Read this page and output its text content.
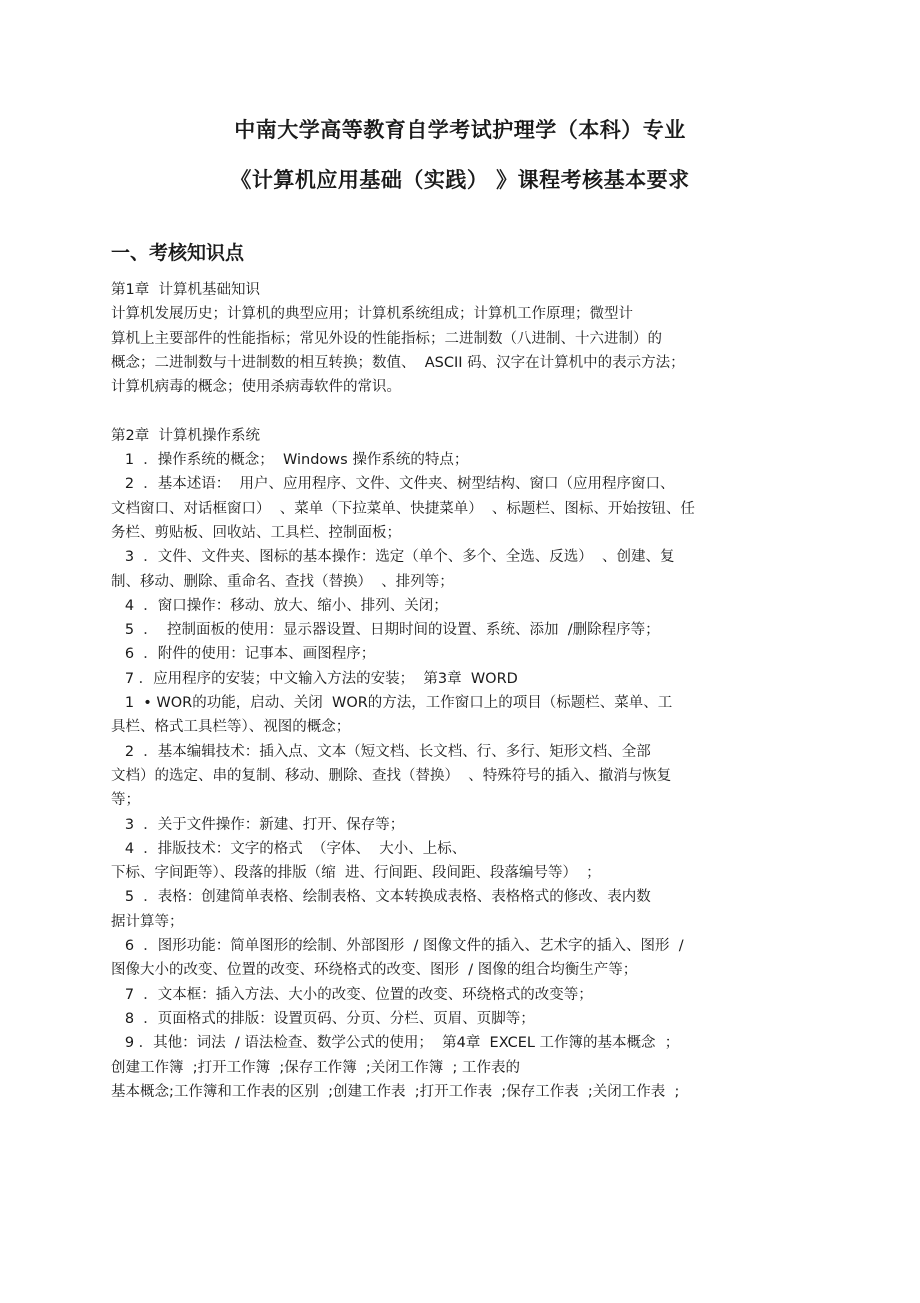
中南大学高等教育自学考试护理学（本科）专业
《计算机应用基础（实践） 》课程考核基本要求
一、考核知识点
第1章  计算机基础知识
计算机发展历史；计算机的典型应用；计算机系统组成；计算机工作原理；微型计
算机上主要部件的性能指标；常见外设的性能指标；二进制数（八进制、十六进制）的
概念；二进制数与十进制数的相互转换；数值、  ASCII 码、汉字在计算机中的表示方法；
计算机病毒的概念；使用杀病毒软件的常识。
第2章  计算机操作系统
1  ．操作系统的概念；  Windows 操作系统的特点；
2  ．基本述语：  用户、应用程序、文件、文件夹、树型结构、窗口（应用程序窗口、
文档窗口、对话框窗口）  、菜单（下拉菜单、快捷菜单）  、标题栏、图标、开始按钮、任
务栏、剪贴板、回收站、工具栏、控制面板；
3  ．文件、文件夹、图标的基本操作：选定（单个、多个、全选、反选）  、创建、复
制、移动、删除、重命名、查找（替换）  、排列等；
4  ．窗口操作：移动、放大、缩小、排列、关闭；
5  ．  控制面板的使用：显示器设置、日期时间的设置、系统、添加  /删除程序等；
6  ．附件的使用：记事本、画图程序；
7 ．应用程序的安装；中文输入方法的安装；  第3章  WORD
1  • WOR的功能，启动、关闭  WOR的方法，工作窗口上的项目（标题栏、菜单、工
具栏、格式工具栏等）、视图的概念；
2  ．基本编辑技术：插入点、文本（短文档、长文档、行、多行、矩形文档、全部
文档）的选定、串的复制、移动、删除、查找（替换）  、特殊符号的插入、撤消与恢复
等；
3  ．关于文件操作：新建、打开、保存等；
4  ．排版技术：文字的格式  （字体、  大小、上标、
下标、字间距等）、段落的排版（缩  进、行间距、段间距、段落编号等）  ；
5  ．表格：创建简单表格、绘制表格、文本转换成表格、表格格式的修改、表内数
据计算等；
6  ．图形功能：简单图形的绘制、外部图形  / 图像文件的插入、艺术字的插入、图形  /
图像大小的改变、位置的改变、环绕格式的改变、图形  / 图像的组合均衡生产等；
7  ．文本框：插入方法、大小的改变、位置的改变、环绕格式的改变等；
8  ．页面格式的排版：设置页码、分页、分栏、页眉、页脚等；
9 ．其他：词法  / 语法检查、数学公式的使用；  第4章  EXCEL 工作簿的基本概念  ；
创建工作簿  ;打开工作簿  ;保存工作簿  ;关闭工作簿  ; 工作表的
基本概念;工作簿和工作表的区别  ;创建工作表  ;打开工作表  ;保存工作表  ;关闭工作表  ;
